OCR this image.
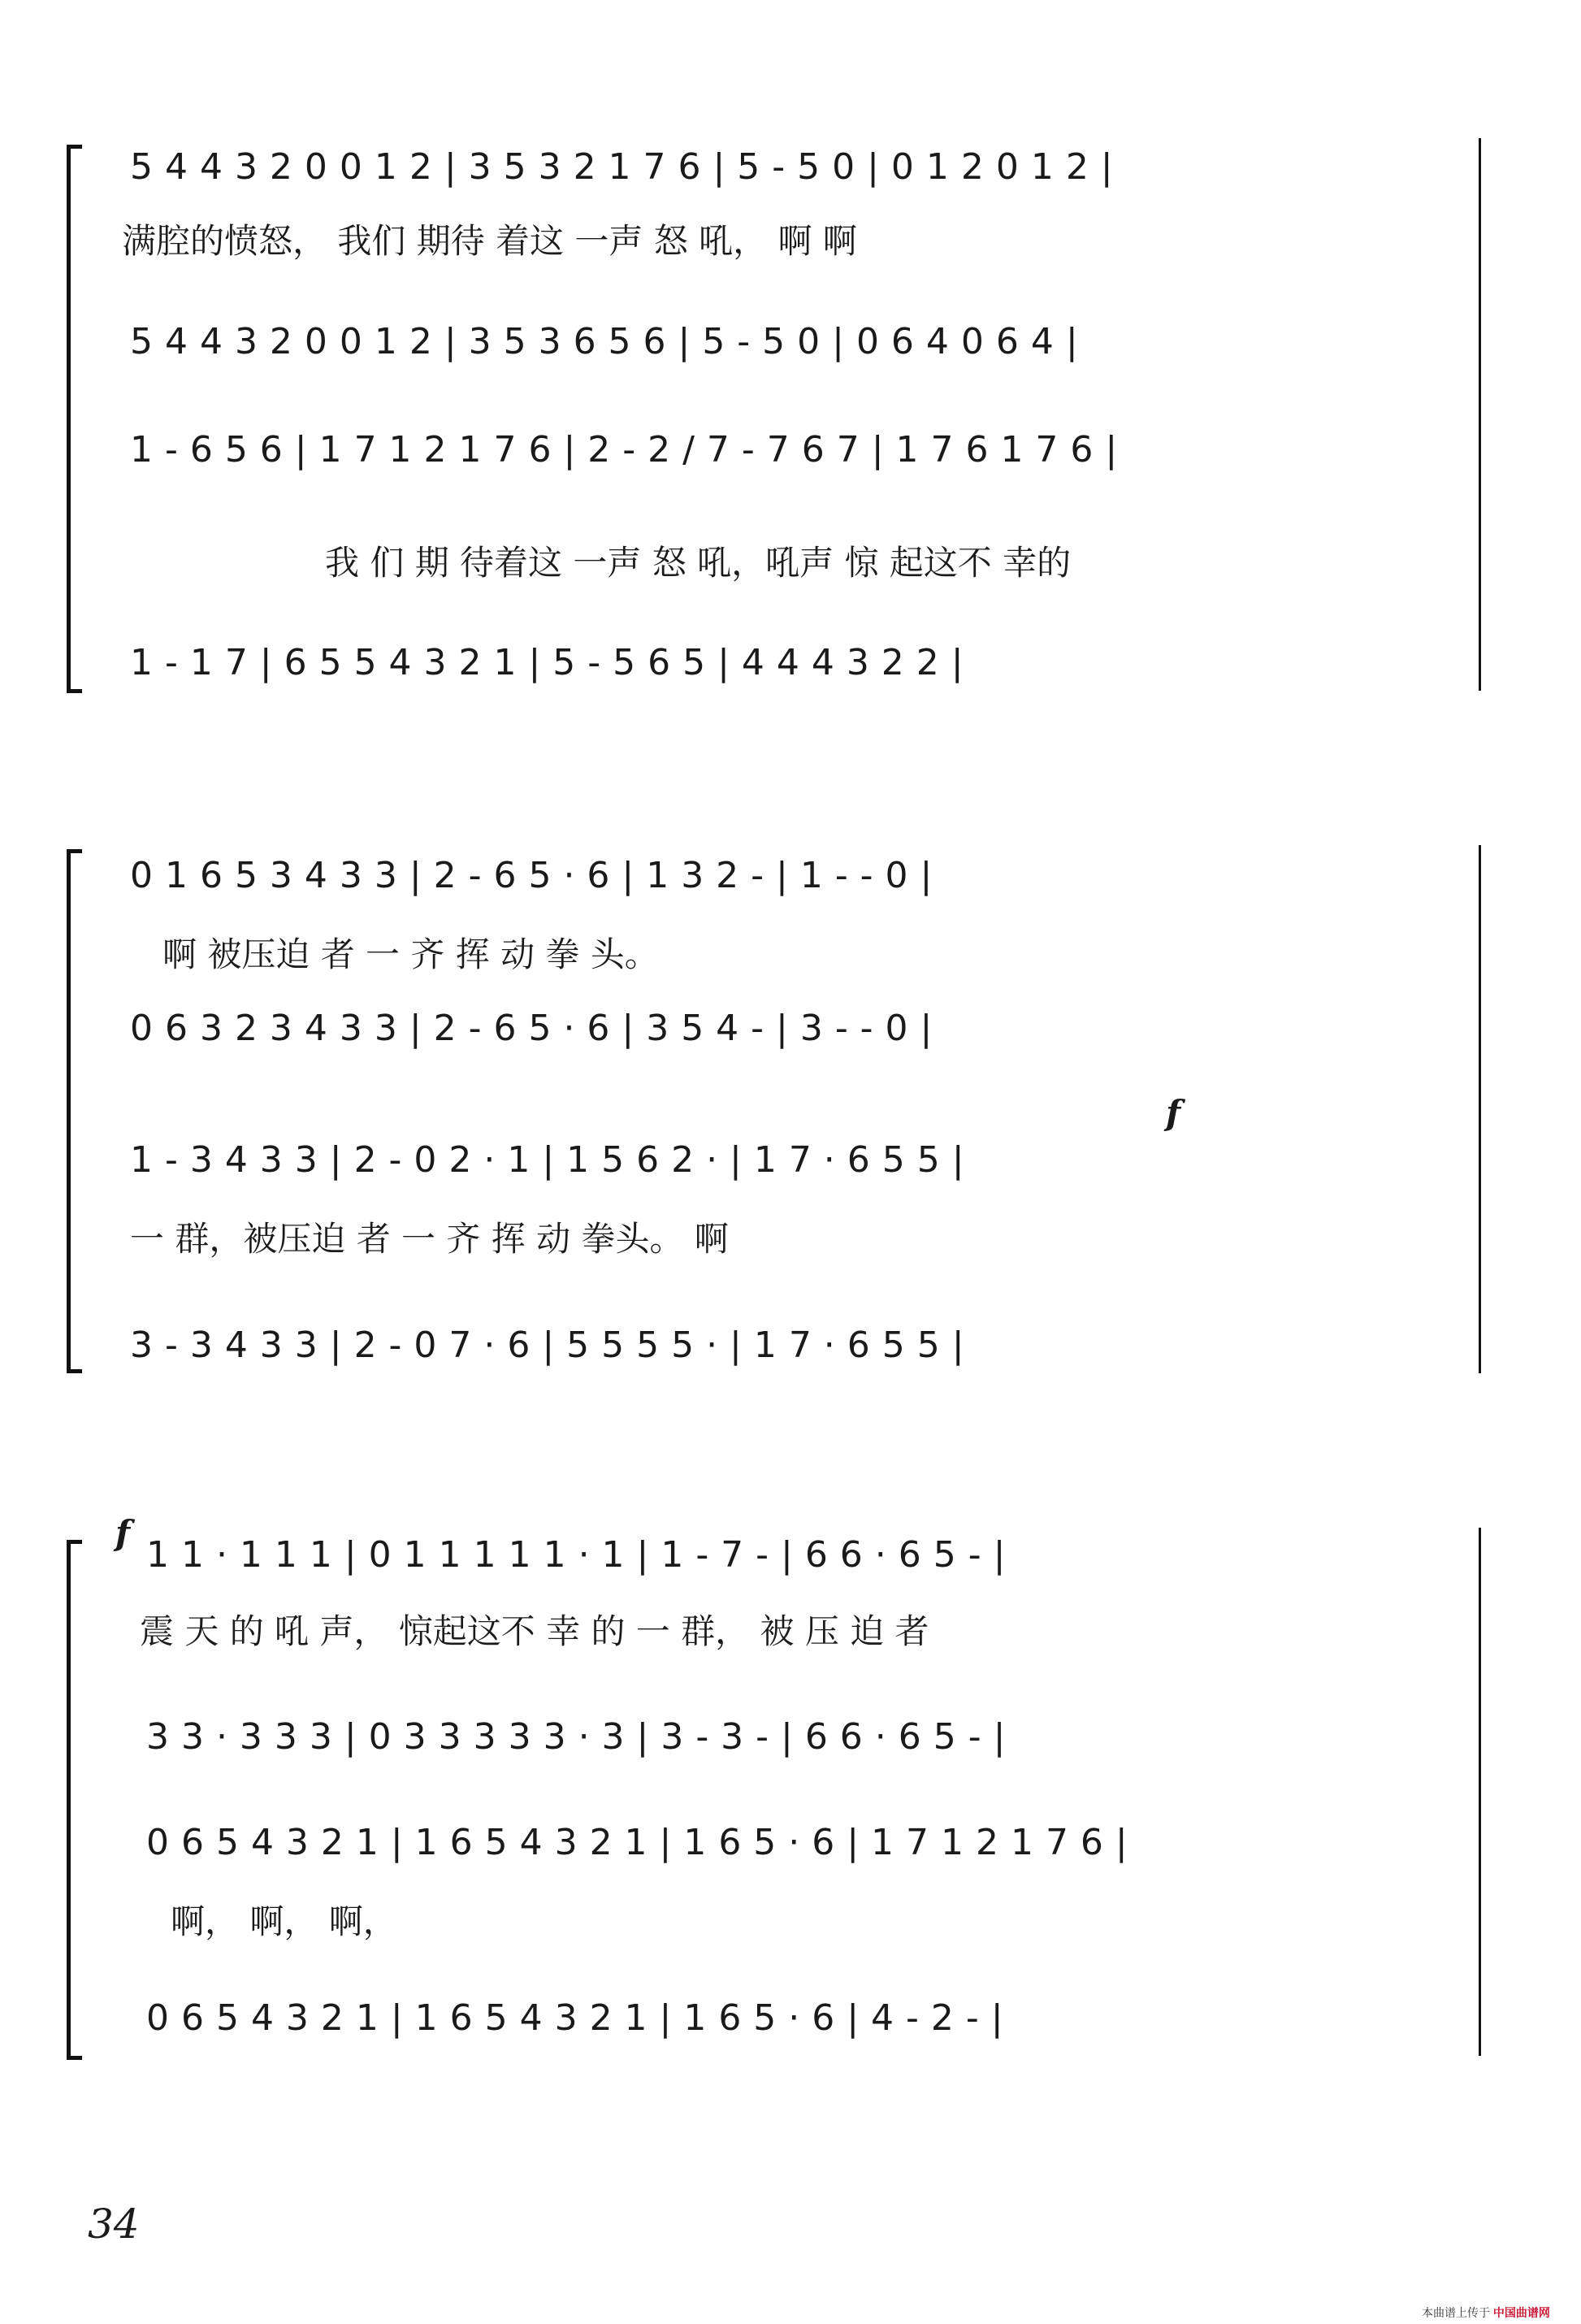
5 4 4 3 2 0 0 1 2 | 3 5 3 2 1 7 6 | 5 - 5 0 | 0 1 2 0 1 2 |
满腔的愤怒， 我们 期待 着这 一声 怒 吼， 啊 啊
5 4 4 3 2 0 0 1 2 | 3 5 3 6 5 6 | 5 - 5 0 | 0 6 4 0 6 4 |
1 - 6 5 6 | 1 7 1 2 1 7 6 | 2 - 2 / 7 - 7 6 7 | 1 7 6 1 7 6 |
我 们 期 待着这 一声 怒 吼，吼声 惊 起这不 幸的
1 - 1 7 | 6 5 5 4 3 2 1 | 5 - 5 6 5 | 4 4 4 3 2 2 |
0 1 6 5 3 4 3 3 | 2 - 6 5 · 6 | 1 3 2 - | 1 - - 0 |
啊 被压迫 者 一 齐 挥 动 拳 头。
0 6 3 2 3 4 3 3 | 2 - 6 5 · 6 | 3 5 4 - | 3 - - 0 |
f
1 - 3 4 3 3 | 2 - 0 2 · 1 | 1 5 6 2 · | 1 7 · 6 5 5 |
一 群，被压迫 者 一 齐 挥 动 拳头。 啊
3 - 3 4 3 3 | 2 - 0 7 · 6 | 5 5 5 5 · | 1 7 · 6 5 5 |
f
1 1 · 1 1 1 | 0 1 1 1 1 1 · 1 | 1 - 7 - | 6 6 · 6 5 - |
震 天 的 吼 声， 惊起这不 幸 的 一 群， 被 压 迫 者
3 3 · 3 3 3 | 0 3 3 3 3 3 · 3 | 3 - 3 - | 6 6 · 6 5 - |
0 6 5 4 3 2 1 | 1 6 5 4 3 2 1 | 1 6 5 · 6 | 1 7 1 2 1 7 6 |
啊， 啊， 啊，
0 6 5 4 3 2 1 | 1 6 5 4 3 2 1 | 1 6 5 · 6 | 4 - 2 - |
34
本曲谱上传于 中国曲谱网
